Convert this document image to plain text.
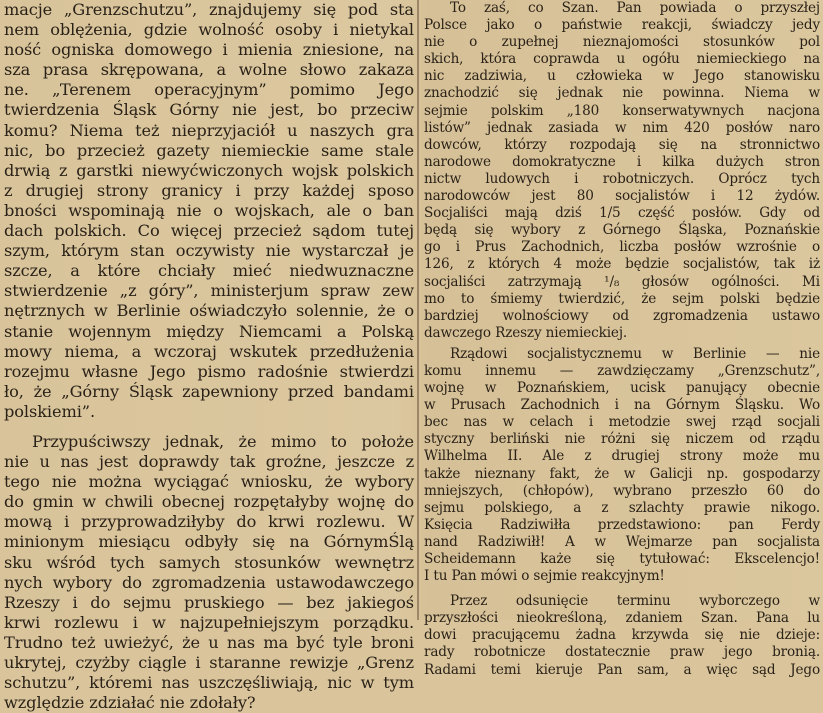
macje „Grenzschutzu”, znajdujemy się pod sta
nem oblężenia, gdzie wolność osoby i nietykal
ność ogniska domowego i mienia zniesione, na
sza prasa skrępowana, a wolne słowo zakaza
ne. „Terenem operacyjnym” pomimo Jego
twierdzenia Śląsk Górny nie jest, bo przeciw
komu? Niema też nieprzyjaciół u naszych gra
nic, bo przecież gazety niemieckie same stale
drwią z garstki niewyćwiczonych wojsk polskich
z drugiej strony granicy i przy każdej sposo
bności wspominają nie o wojskach, ale o ban
dach polskich. Co więcej przecież sądom tutej
szym, którym stan oczywisty nie wystarczał je
szcze, a które chciały mieć niedwuznaczne
stwierdzenie „z góry”, ministerjum spraw zew
nętrznych w Berlinie oświadczyło solennie, że o
stanie wojennym między Niemcami a Polską
mowy niema, a wczoraj wskutek przedłużenia
rozejmu własne Jego pismo radośnie stwierdzi
ło, że „Górny Śląsk zapewniony przed bandami
polskiemi”.
Przypuściwszy jednak, że mimo to położe
nie u nas jest doprawdy tak groźne, jeszcze z
tego nie można wyciągać wniosku, że wybory
do gmin w chwili obecnej rozpętałyby wojnę do
mową i przyprowadziłyby do krwi rozlewu. W
minionym miesiącu odbyły się na GórnymŚlą
sku wśród tych samych stosunków wewnętrz
nych wybory do zgromadzenia ustawodawczego
Rzeszy i do sejmu pruskiego — bez jakiegoś
krwi rozlewu i w najzupełniejszym porządku.
Trudno też uwieżyć, że u nas ma być tyle broni
ukrytej, czyżby ciągle i staranne rewizje „Grenz
schutzu”, któremi nas uszczęśliwiają, nic w tym
względzie zdziałać nie zdołały?
To zaś, co Szan. Pan powiada o przyszłej
Polsce jako o państwie reakcji, świadczy jedy
nie o zupełnej nieznajomości stosunków pol
skich, która coprawda u ogółu niemieckiego na
nic zadziwia, u człowieka w Jego stanowisku
znachodzić się jednak nie powinna. Niema w
sejmie polskim „180 konserwatywnych nacjona
listów” jednak zasiada w nim 420 posłów naro
dowców, którzy rozpodają się na stronnictwo
narodowe domokratyczne i kilka dużych stron
nictw ludowych i robotniczych. Oprócz tych
narodowców jest 80 socjalistów i 12 żydów.
Socjaliści mają dziś 1/5 część posłów. Gdy od
będą się wybory z Górnego Śląska, Poznańskie
go i Prus Zachodnich, liczba posłów wzrośnie o
126, z których 4 może będzie socjalistów, tak iż
socjaliści zatrzymają ¹/₈ głosów ogólności. Mi
mo to śmiemy twierdzić, że sejm polski będzie
bardziej wolnościowy od zgromadzenia ustawo
dawczego Rzeszy niemieckiej.
Rządowi socjalistycznemu w Berlinie — nie
komu innemu — zawdzięczamy „Grenzschutz”,
wojnę w Poznańskiem, ucisk panujący obecnie
w Prusach Zachodnich i na Górnym Śląsku. Wo
bec nas w celach i metodzie swej rząd socjali
styczny berliński nie różni się niczem od rządu
Wilhelma II. Ale z drugiej strony może mu
także nieznany fakt, że w Galicji np. gospodarzy
mniejszych, (chłopów), wybrano przeszło 60 do
sejmu polskiego, a z szlachty prawie nikogo.
Księcia Radziwiłła przedstawiono: pan Ferdy
nand Radziwiłł! A w Wejmarze pan socjalista
Scheidemann każe się tytułować: Ekscelencjo!
I tu Pan mówi o sejmie reakcyjnym!
Przez odsunięcie terminu wyborczego w
przyszłości nieokreśloną, zdaniem Szan. Pana lu
dowi pracującemu żadna krzywda się nie dzieje:
rady robotnicze dostatecznie praw jego bronią.
Radami temi kieruje Pan sam, a więc sąd Jego
